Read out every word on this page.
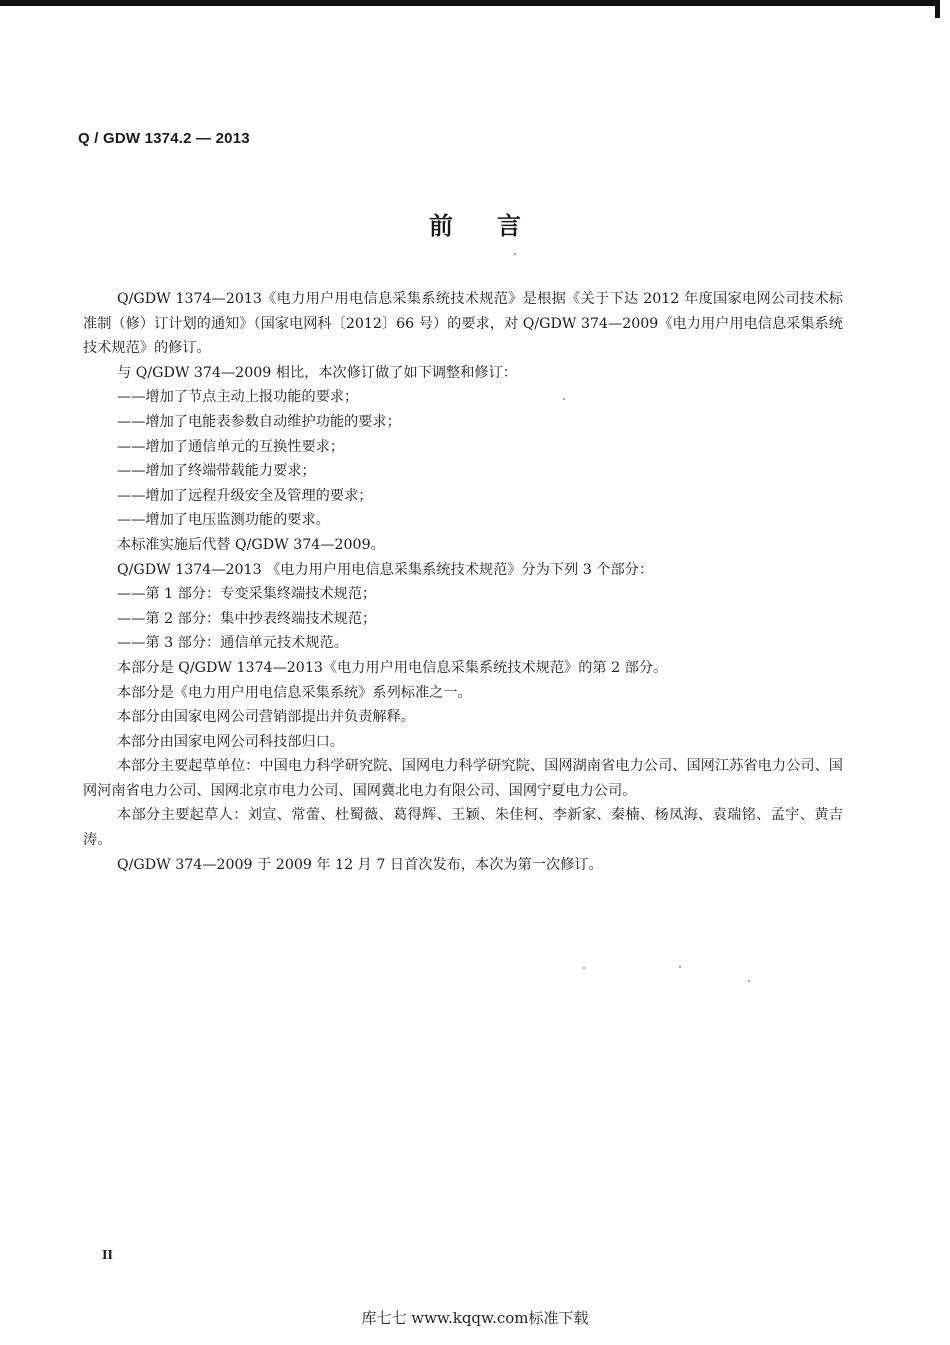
Q / GDW 1374.2 — 2013
前言

Q/GDW 1374—2013《电力用户用电信息采集系统技术规范》是根据《关于下达 2012 年度国家电网公司技术标准制（修）订计划的通知》（国家电网科〔2012〕66 号）的要求，对 Q/GDW 374—2009《电力用户用电信息采集系统技术规范》的修订。

与 Q/GDW 374—2009 相比，本次修订做了如下调整和修订：

——增加了节点主动上报功能的要求；

——增加了电能表参数自动维护功能的要求；

——增加了通信单元的互换性要求；

——增加了终端带载能力要求；

——增加了远程升级安全及管理的要求；

——增加了电压监测功能的要求。

本标准实施后代替 Q/GDW 374—2009。

Q/GDW 1374—2013 《电力用户用电信息采集系统技术规范》分为下列 3 个部分：

——第 1 部分：专变采集终端技术规范；

——第 2 部分：集中抄表终端技术规范；

——第 3 部分：通信单元技术规范。

本部分是 Q/GDW 1374—2013《电力用户用电信息采集系统技术规范》的第 2 部分。

本部分是《电力用户用电信息采集系统》系列标准之一。

本部分由国家电网公司营销部提出并负责解释。

本部分由国家电网公司科技部归口。

本部分主要起草单位：中国电力科学研究院、国网电力科学研究院、国网湖南省电力公司、国网江苏省电力公司、国网河南省电力公司、国网北京市电力公司、国网冀北电力有限公司、国网宁夏电力公司。

本部分主要起草人：刘宣、常蕾、杜蜀薇、葛得辉、王颖、朱佳柯、李新家、秦楠、杨凤海、袁瑞铭、孟宇、黄吉涛。

Q/GDW 374—2009 于 2009 年 12 月 7 日首次发布，本次为第一次修订。

II
库七七 www.kqqw.com标准下载
